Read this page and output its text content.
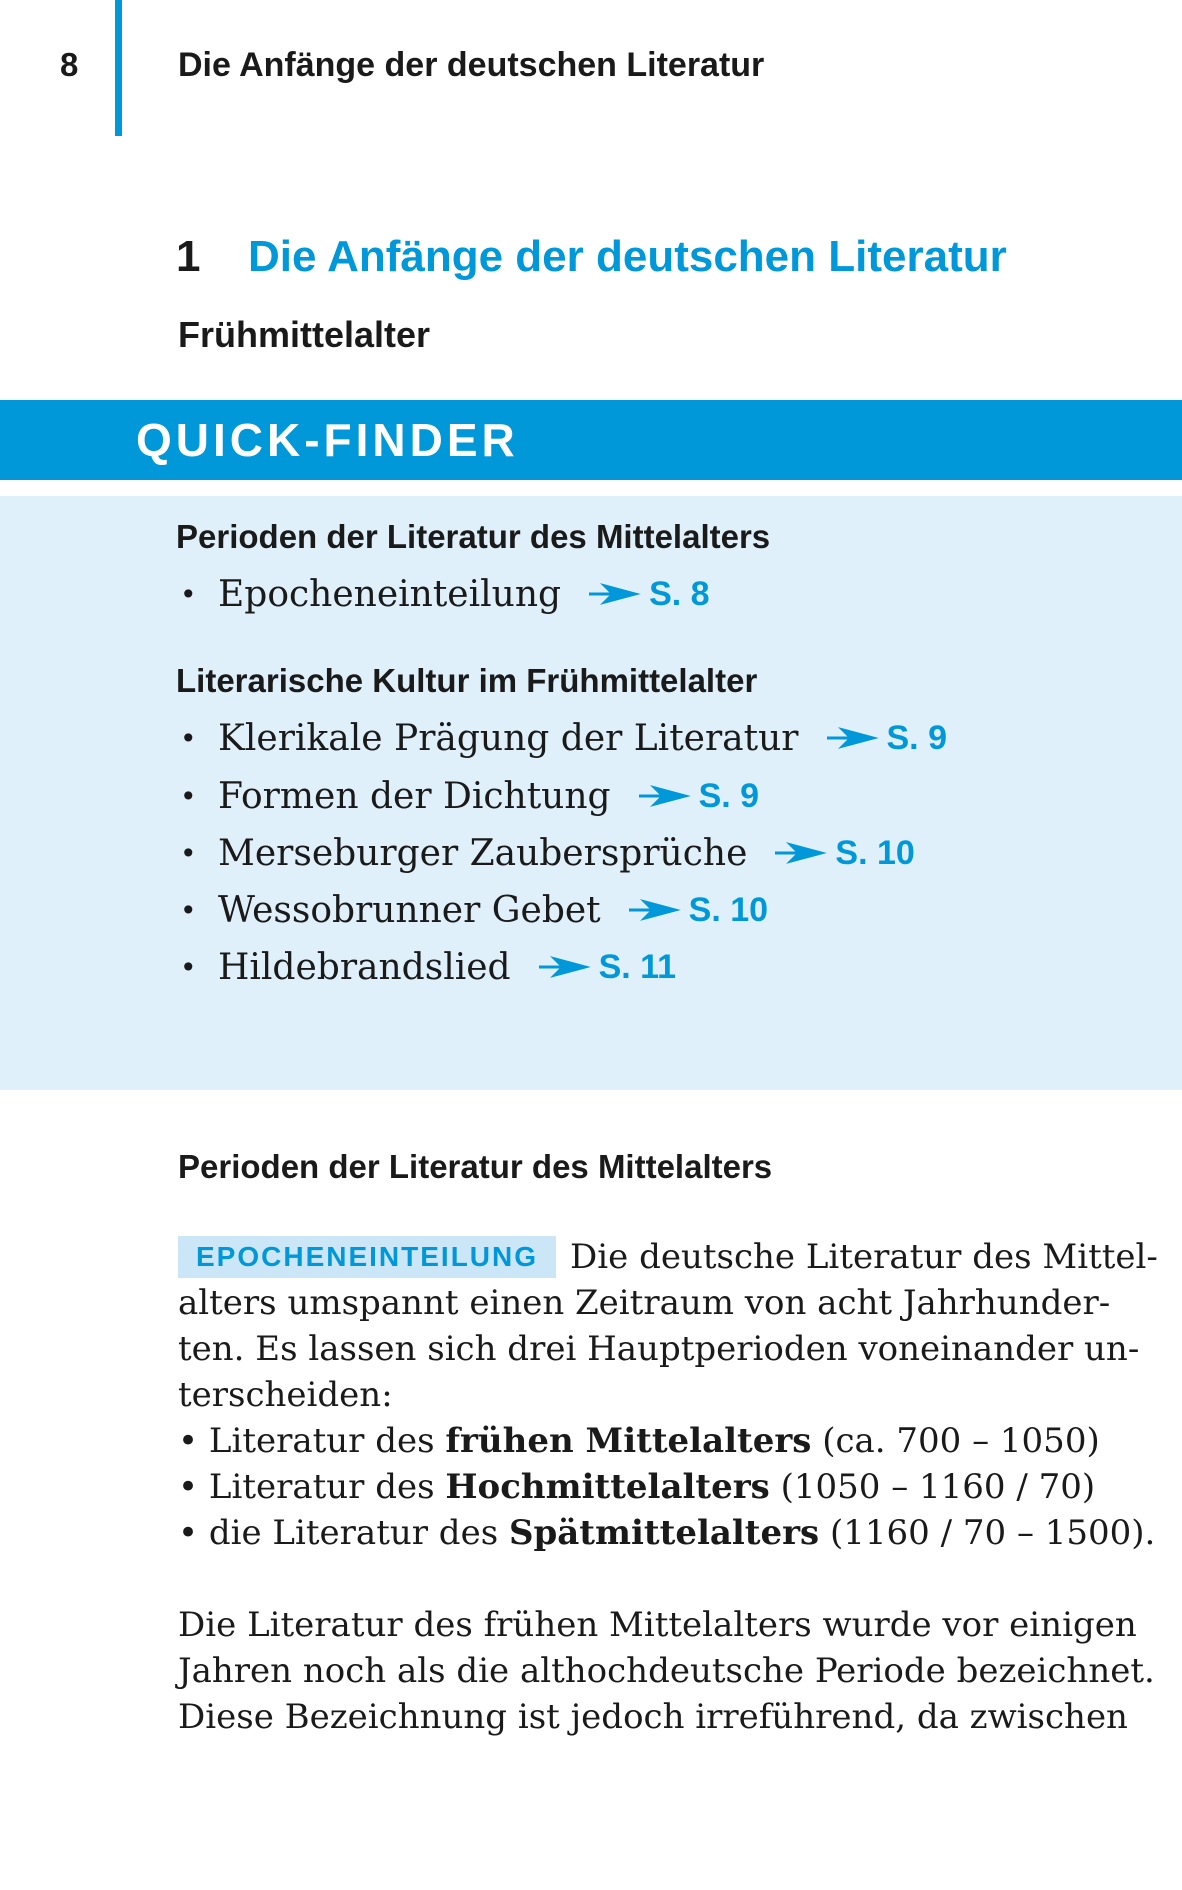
8	Die Anfänge der deutschen Literatur
1 Die Anfänge der deutschen Literatur
Frühmittelalter
QUICK-FINDER
Perioden der Literatur des Mittelalters
• Epocheneinteilung	S. 8
Literarische Kultur im Frühmittelalter
• Klerikale Prägung der Literatur	S. 9
• Formen der Dichtung	S. 9
• Merseburger Zaubersprüche	S. 10
• Wessobrunner Gebet	S. 10
• Hildebrandslied	S. 11
Perioden der Literatur des Mittelalters
EPOCHENEINTEILUNG Die deutsche Literatur des Mittel-
alters umspannt einen Zeitraum von acht Jahrhunder-
ten. Es lassen sich drei Hauptperioden voneinander un-
terscheiden:
• Literatur des frühen Mittelalters (ca. 700 – 1050)
• Literatur des Hochmittelalters (1050 – 1160 / 70)
• die Literatur des Spätmittelalters (1160 / 70 – 1500).
Die Literatur des frühen Mittelalters wurde vor einigen
Jahren noch als die althochdeutsche Periode bezeichnet.
Diese Bezeichnung ist jedoch irreführend, da zwischen
